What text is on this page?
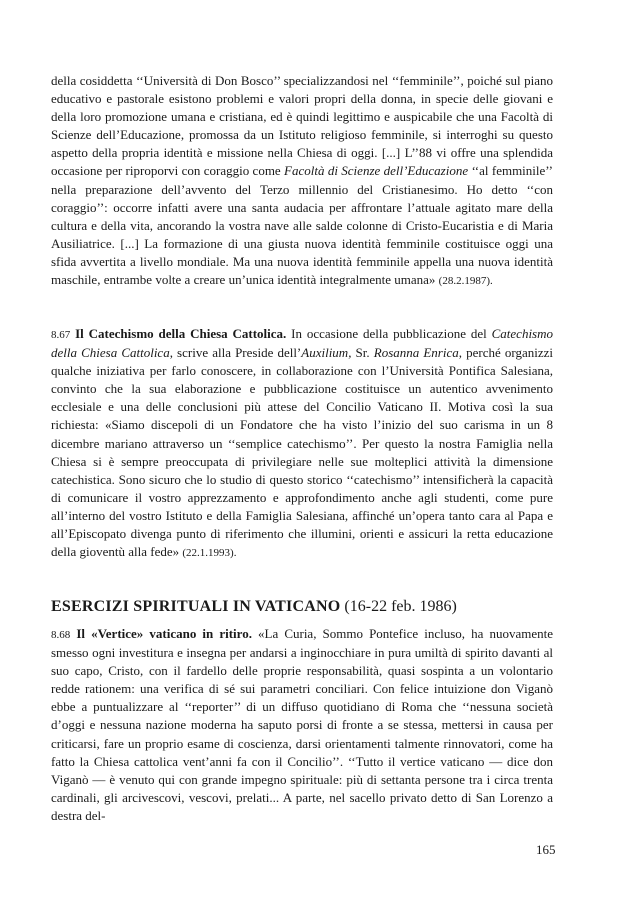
della cosiddetta ‘‘Università di Don Bosco’’ specializzandosi nel ‘‘femminile’’, poiché sul piano educativo e pastorale esistono problemi e valori propri della donna, in specie delle giovani e della loro promozione umana e cristiana, ed è quindi legittimo e auspicabile che una Facoltà di Scienze dell’Educazione, promossa da un Istituto religioso femminile, si interroghi su questo aspetto della propria identità e missione nella Chiesa di oggi. [...] L’’88 vi offre una splendida occasione per riproporvi con coraggio come Facoltà di Scienze dell’Educazione ‘‘al femminile’’ nella preparazione dell’avvento del Terzo millennio del Cristianesimo. Ho detto ‘‘con coraggio’’: occorre infatti avere una santa audacia per affrontare l’attuale agitato mare della cultura e della vita, ancorando la vostra nave alle salde colonne di Cristo-Eucaristia e di Maria Ausiliatrice. [...] La formazione di una giusta nuova identità femminile costituisce oggi una sfida avvertita a livello mondiale. Ma una nuova identità femminile appella una nuova identità maschile, entrambe volte a creare un’unica identità integralmente umana» (28.2.1987).

8.67 Il Catechismo della Chiesa Cattolica. In occasione della pubblicazione del Catechismo della Chiesa Cattolica, scrive alla Preside dell’Auxilium, Sr. Rosanna Enrica, perché organizzi qualche iniziativa per farlo conoscere, in collaborazione con l’Università Pontifica Salesiana, convinto che la sua elaborazione e pubblicazione costituisce un autentico avvenimento ecclesiale e una delle conclusioni più attese del Concilio Vaticano II. Motiva così la sua richiesta: «Siamo discepoli di un Fondatore che ha visto l’inizio del suo carisma in un 8 dicembre mariano attraverso un ‘‘semplice catechismo’’. Per questo la nostra Famiglia nella Chiesa si è sempre preoccupata di privilegiare nelle sue molteplici attività la dimensione catechistica. Sono sicuro che lo studio di questo storico ‘‘catechismo’’ intensificherà la capacità di comunicare il vostro apprezzamento e approfondimento anche agli studenti, come pure all’interno del vostro Istituto e della Famiglia Salesiana, affinché un’opera tanto cara al Papa e all’Episcopato divenga punto di riferimento che illumini, orienti e assicuri la retta educazione della gioventù alla fede» (22.1.1993).

ESERCIZI SPIRITUALI IN VATICANO (16-22 feb. 1986)

8.68 Il «Vertice» vaticano in ritiro. «La Curia, Sommo Pontefice incluso, ha nuovamente smesso ogni investitura e insegna per andarsi a inginocchiare in pura umiltà di spirito davanti al suo capo, Cristo, con il fardello delle proprie responsabilità, quasi sospinta a un volontario redde rationem: una verifica di sé sui parametri conciliari. Con felice intuizione don Viganò ebbe a puntualizzare al ‘‘reporter’’ di un diffuso quotidiano di Roma che ‘‘nessuna società d’oggi e nessuna nazione moderna ha saputo porsi di fronte a se stessa, mettersi in causa per criticarsi, fare un proprio esame di coscienza, darsi orientamenti talmente rinnovatori, come ha fatto la Chiesa cattolica vent’anni fa con il Concilio’’. ‘‘Tutto il vertice vaticano — dice don Viganò — è venuto qui con grande impegno spirituale: più di settanta persone tra i circa trenta cardinali, gli arcivescovi, vescovi, prelati... A parte, nel sacello privato detto di San Lorenzo a destra del-

165
